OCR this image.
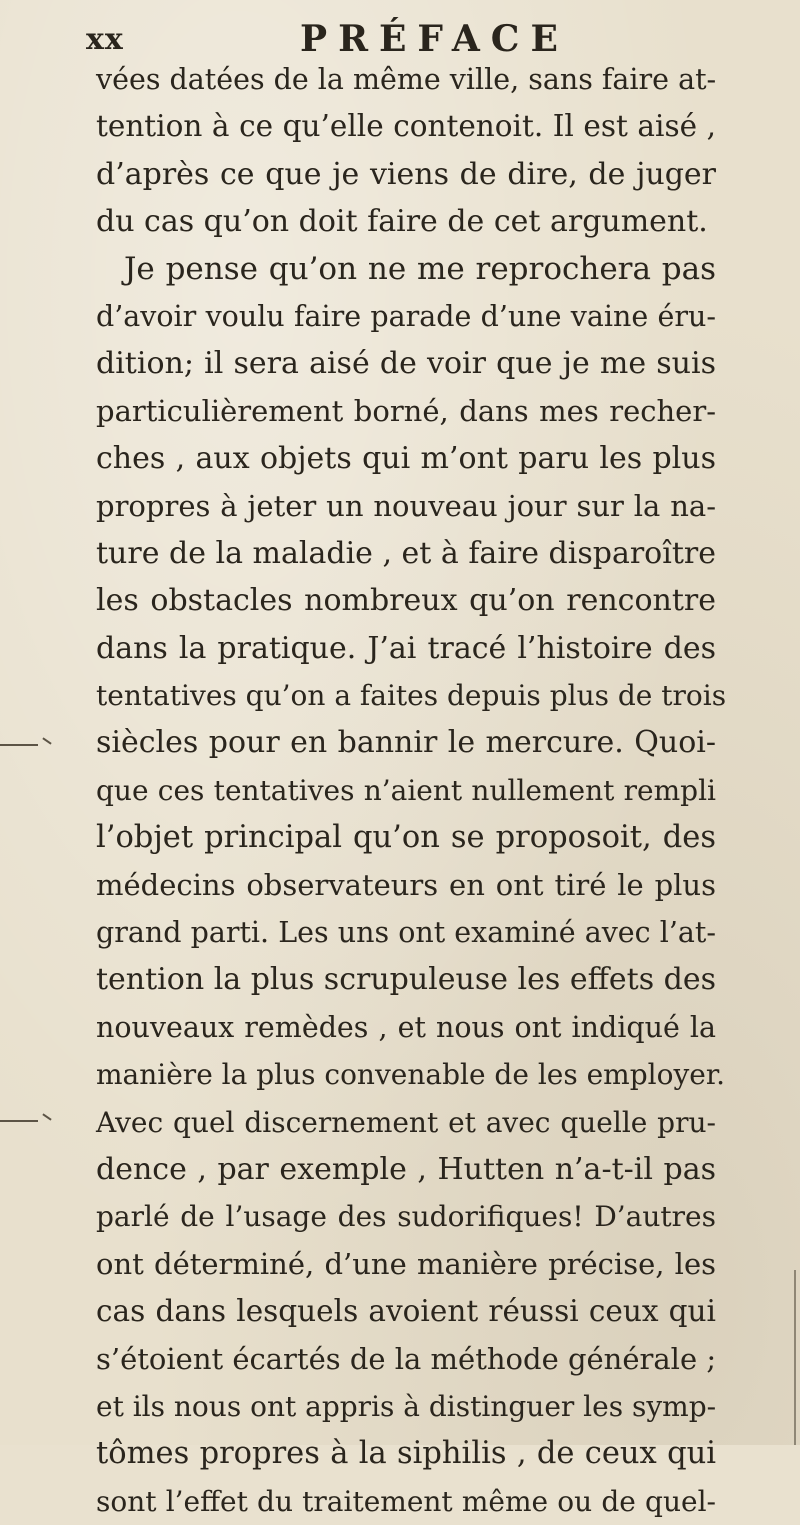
xx	PRÉFACE
vées datées de la même ville, sans faire at-
tention à ce qu’elle contenoit. Il est aisé ,
d’après ce que je viens de dire, de juger
du cas qu’on doit faire de cet argument.
Je pense qu’on ne me reprochera pas
d’avoir voulu faire parade d’une vaine éru-
dition; il sera aisé de voir que je me suis
particulièrement borné, dans mes recher-
ches , aux objets qui m’ont paru les plus
propres à jeter un nouveau jour sur la na-
ture de la maladie , et à faire disparoître
les obstacles nombreux qu’on rencontre
dans la pratique. J’ai tracé l’histoire des
tentatives qu’on a faites depuis plus de trois
siècles pour en bannir le mercure. Quoi-
que ces tentatives n’aient nullement rempli
l’objet principal qu’on se proposoit, des
médecins observateurs en ont tiré le plus
grand parti. Les uns ont examiné avec l’at-
tention la plus scrupuleuse les effets des
nouveaux remèdes , et nous ont indiqué la
manière la plus convenable de les employer.
Avec quel discernement et avec quelle pru-
dence , par exemple , Hutten n’a-t-il pas
parlé de l’usage des sudorifiques! D’autres
ont déterminé, d’une manière précise, les
cas dans lesquels avoient réussi ceux qui
s’étoient écartés de la méthode générale ;
et ils nous ont appris à distinguer les symp-
tômes propres à la siphilis , de ceux qui
sont l’effet du traitement même ou de quel-
